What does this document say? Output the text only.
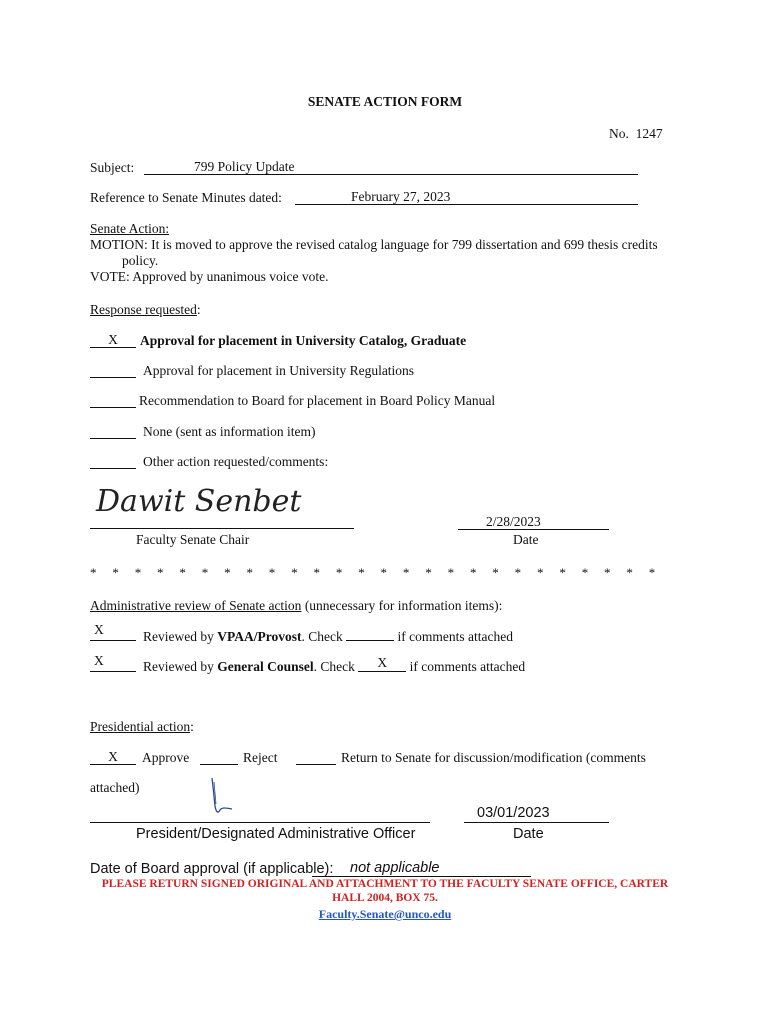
SENATE ACTION FORM
No. 1247
Subject:	799 Policy Update
Reference to Senate Minutes dated:	February 27, 2023
Senate Action:
MOTION: It is moved to approve the revised catalog language for 799 dissertation and 699 thesis credits
policy.
VOTE: Approved by unanimous voice vote.
Response requested:
X	Approval for placement in University Catalog, Graduate
Approval for placement in University Regulations
Recommendation to Board for placement in Board Policy Manual
None (sent as information item)
Other action requested/comments:
Dawit Senbet
Faculty Senate Chair
2/28/2023
Date
* * * * * * * * * * * * * * * * * * * * * * * * * *
Administrative review of Senate action (unnecessary for information items):
X	Reviewed by VPAA/Provost. Check	if comments attached
X	Reviewed by General Counsel. Check X if comments attached
Presidential action:
X	Approve	Reject	Return to Senate for discussion/modification (comments
attached)
President/Designated Administrative Officer
03/01/2023
Date
Date of Board approval (if applicable):	not applicable
PLEASE RETURN SIGNED ORIGINAL AND ATTACHMENT TO THE FACULTY SENATE OFFICE, CARTER
HALL 2004, BOX 75.
Faculty.Senate@unco.edu
